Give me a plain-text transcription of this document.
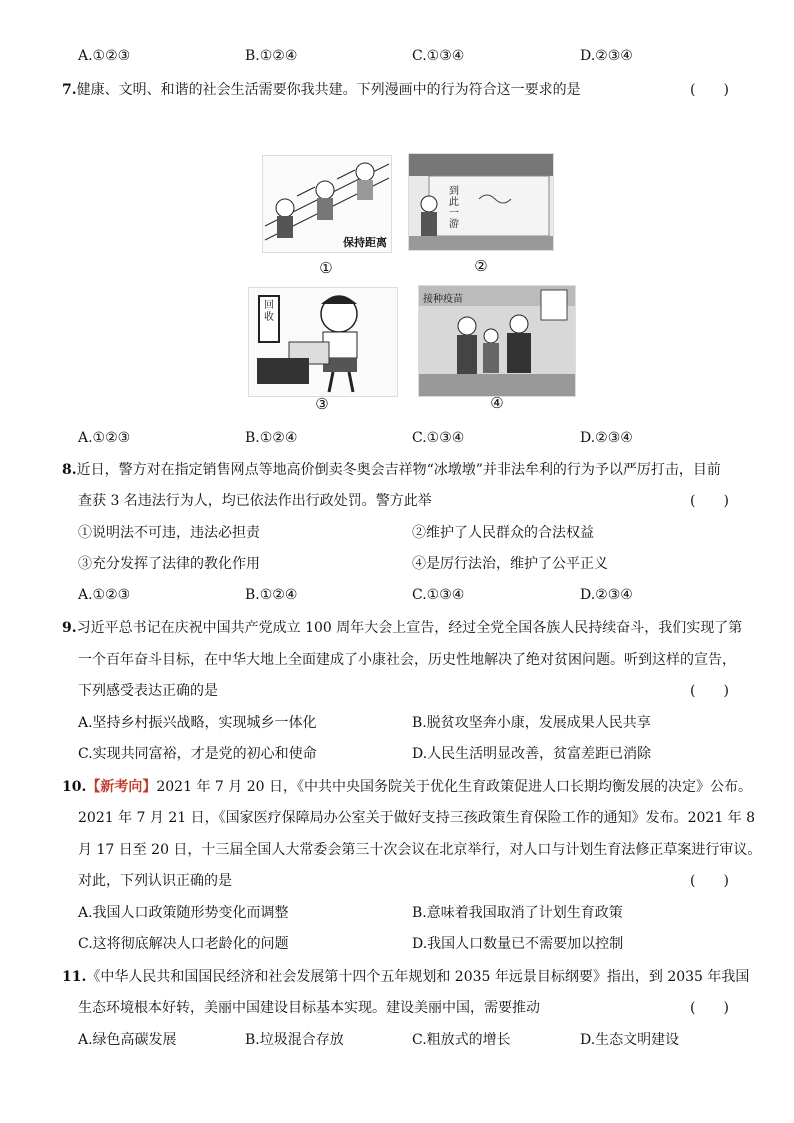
A.①②③	B.①②④	C.①③④	D.②③④
7.健康、文明、和谐的社会生活需要你我共建。下列漫画中的行为符合这一要求的是	(　　)
保持距离
①
到此一游
②
回收
③
接种疫苗
④
A.①②③	B.①②④	C.①③④	D.②③④
8.近日，警方对在指定销售网点等地高价倒卖冬奥会吉祥物“冰墩墩”并非法牟利的行为予以严厉打击，目前
查获 3 名违法行为人，均已依法作出行政处罚。警方此举	(　　)
①说明法不可违，违法必担责	②维护了人民群众的合法权益
③充分发挥了法律的教化作用	④是厉行法治，维护了公平正义
A.①②③	B.①②④	C.①③④	D.②③④
9.习近平总书记在庆祝中国共产党成立 100 周年大会上宣告，经过全党全国各族人民持续奋斗，我们实现了第
一个百年奋斗目标，在中华大地上全面建成了小康社会，历史性地解决了绝对贫困问题。听到这样的宣告，
下列感受表达正确的是	(　　)
A.坚持乡村振兴战略，实现城乡一体化	B.脱贫攻坚奔小康，发展成果人民共享
C.实现共同富裕，才是党的初心和使命	D.人民生活明显改善，贫富差距已消除
10.【新考向】2021 年 7 月 20 日，《中共中央国务院关于优化生育政策促进人口长期均衡发展的决定》公布。
2021 年 7 月 21 日，《国家医疗保障局办公室关于做好支持三孩政策生育保险工作的通知》发布。2021 年 8
月 17 日至 20 日，十三届全国人大常委会第三十次会议在北京举行，对人口与计划生育法修正草案进行审议。
对此，下列认识正确的是	(　　)
A.我国人口政策随形势变化而调整	B.意味着我国取消了计划生育政策
C.这将彻底解决人口老龄化的问题	D.我国人口数量已不需要加以控制
11.《中华人民共和国国民经济和社会发展第十四个五年规划和 2035 年远景目标纲要》指出，到 2035 年我国
生态环境根本好转，美丽中国建设目标基本实现。建设美丽中国，需要推动	(　　)
A.绿色高碳发展	B.垃圾混合存放	C.粗放式的增长	D.生态文明建设
